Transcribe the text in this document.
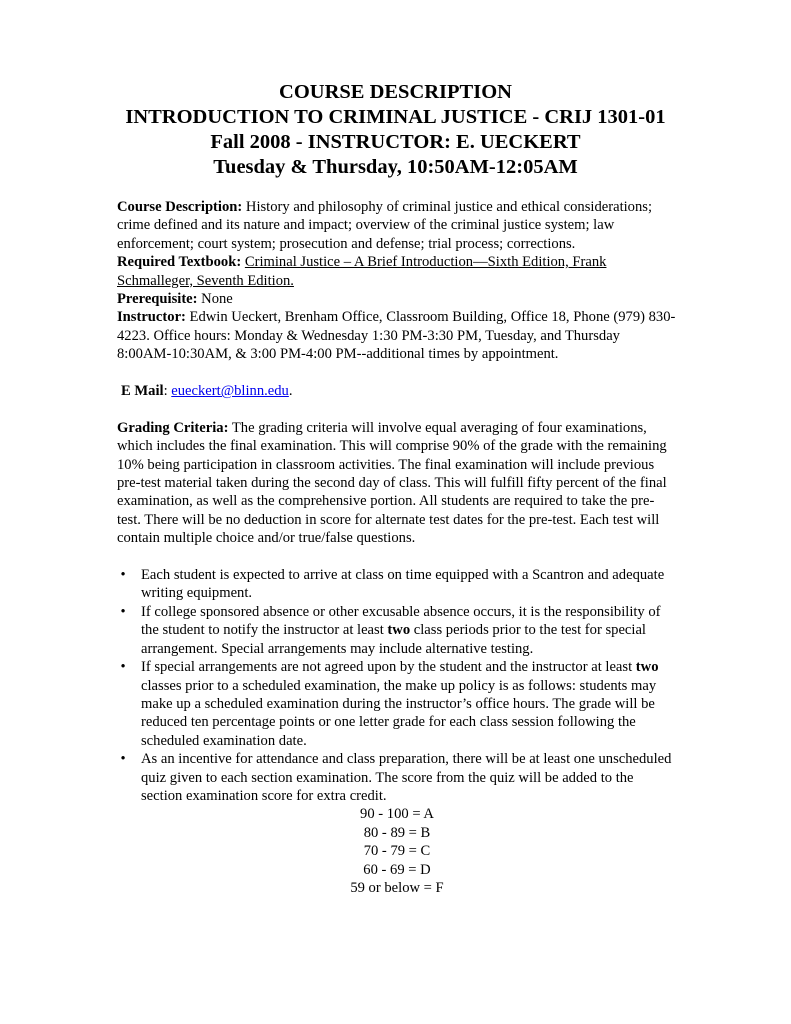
COURSE DESCRIPTION
INTRODUCTION TO CRIMINAL JUSTICE - CRIJ 1301-01
Fall 2008 - INSTRUCTOR: E. UECKERT
Tuesday & Thursday, 10:50AM-12:05AM

Course Description: History and philosophy of criminal justice and ethical considerations; crime defined and its nature and impact; overview of the criminal justice system; law enforcement; court system; prosecution and defense; trial process; corrections.

Required Textbook: Criminal Justice – A Brief Introduction—Sixth Edition, Frank Schmalleger, Seventh Edition.

Prerequisite: None

Instructor: Edwin Ueckert, Brenham Office, Classroom Building, Office 18, Phone (979) 830-4223. Office hours: Monday & Wednesday 1:30 PM-3:30 PM, Tuesday, and Thursday 8:00AM-10:30AM, & 3:00 PM-4:00 PM--additional times by appointment.

E Mail: eueckert@blinn.edu.

Grading Criteria: The grading criteria will involve equal averaging of four examinations, which includes the final examination. This will comprise 90% of the grade with the remaining 10% being participation in classroom activities. The final examination will include previous pre-test material taken during the second day of class. This will fulfill fifty percent of the final examination, as well as the comprehensive portion. All students are required to take the pre-test. There will be no deduction in score for alternate test dates for the pre-test. Each test will contain multiple choice and/or true/false questions.

• Each student is expected to arrive at class on time equipped with a Scantron and adequate writing equipment.
• If college sponsored absence or other excusable absence occurs, it is the responsibility of the student to notify the instructor at least two class periods prior to the test for special arrangement. Special arrangements may include alternative testing.
• If special arrangements are not agreed upon by the student and the instructor at least two classes prior to a scheduled examination, the make up policy is as follows: students may make up a scheduled examination during the instructor’s office hours. The grade will be reduced ten percentage points or one letter grade for each class session following the scheduled examination date.
• As an incentive for attendance and class preparation, there will be at least one unscheduled quiz given to each section examination. The score from the quiz will be added to the section examination score for extra credit.
90 - 100 = A
80 - 89 = B
70 - 79 = C
60 - 69 = D
59 or below = F
